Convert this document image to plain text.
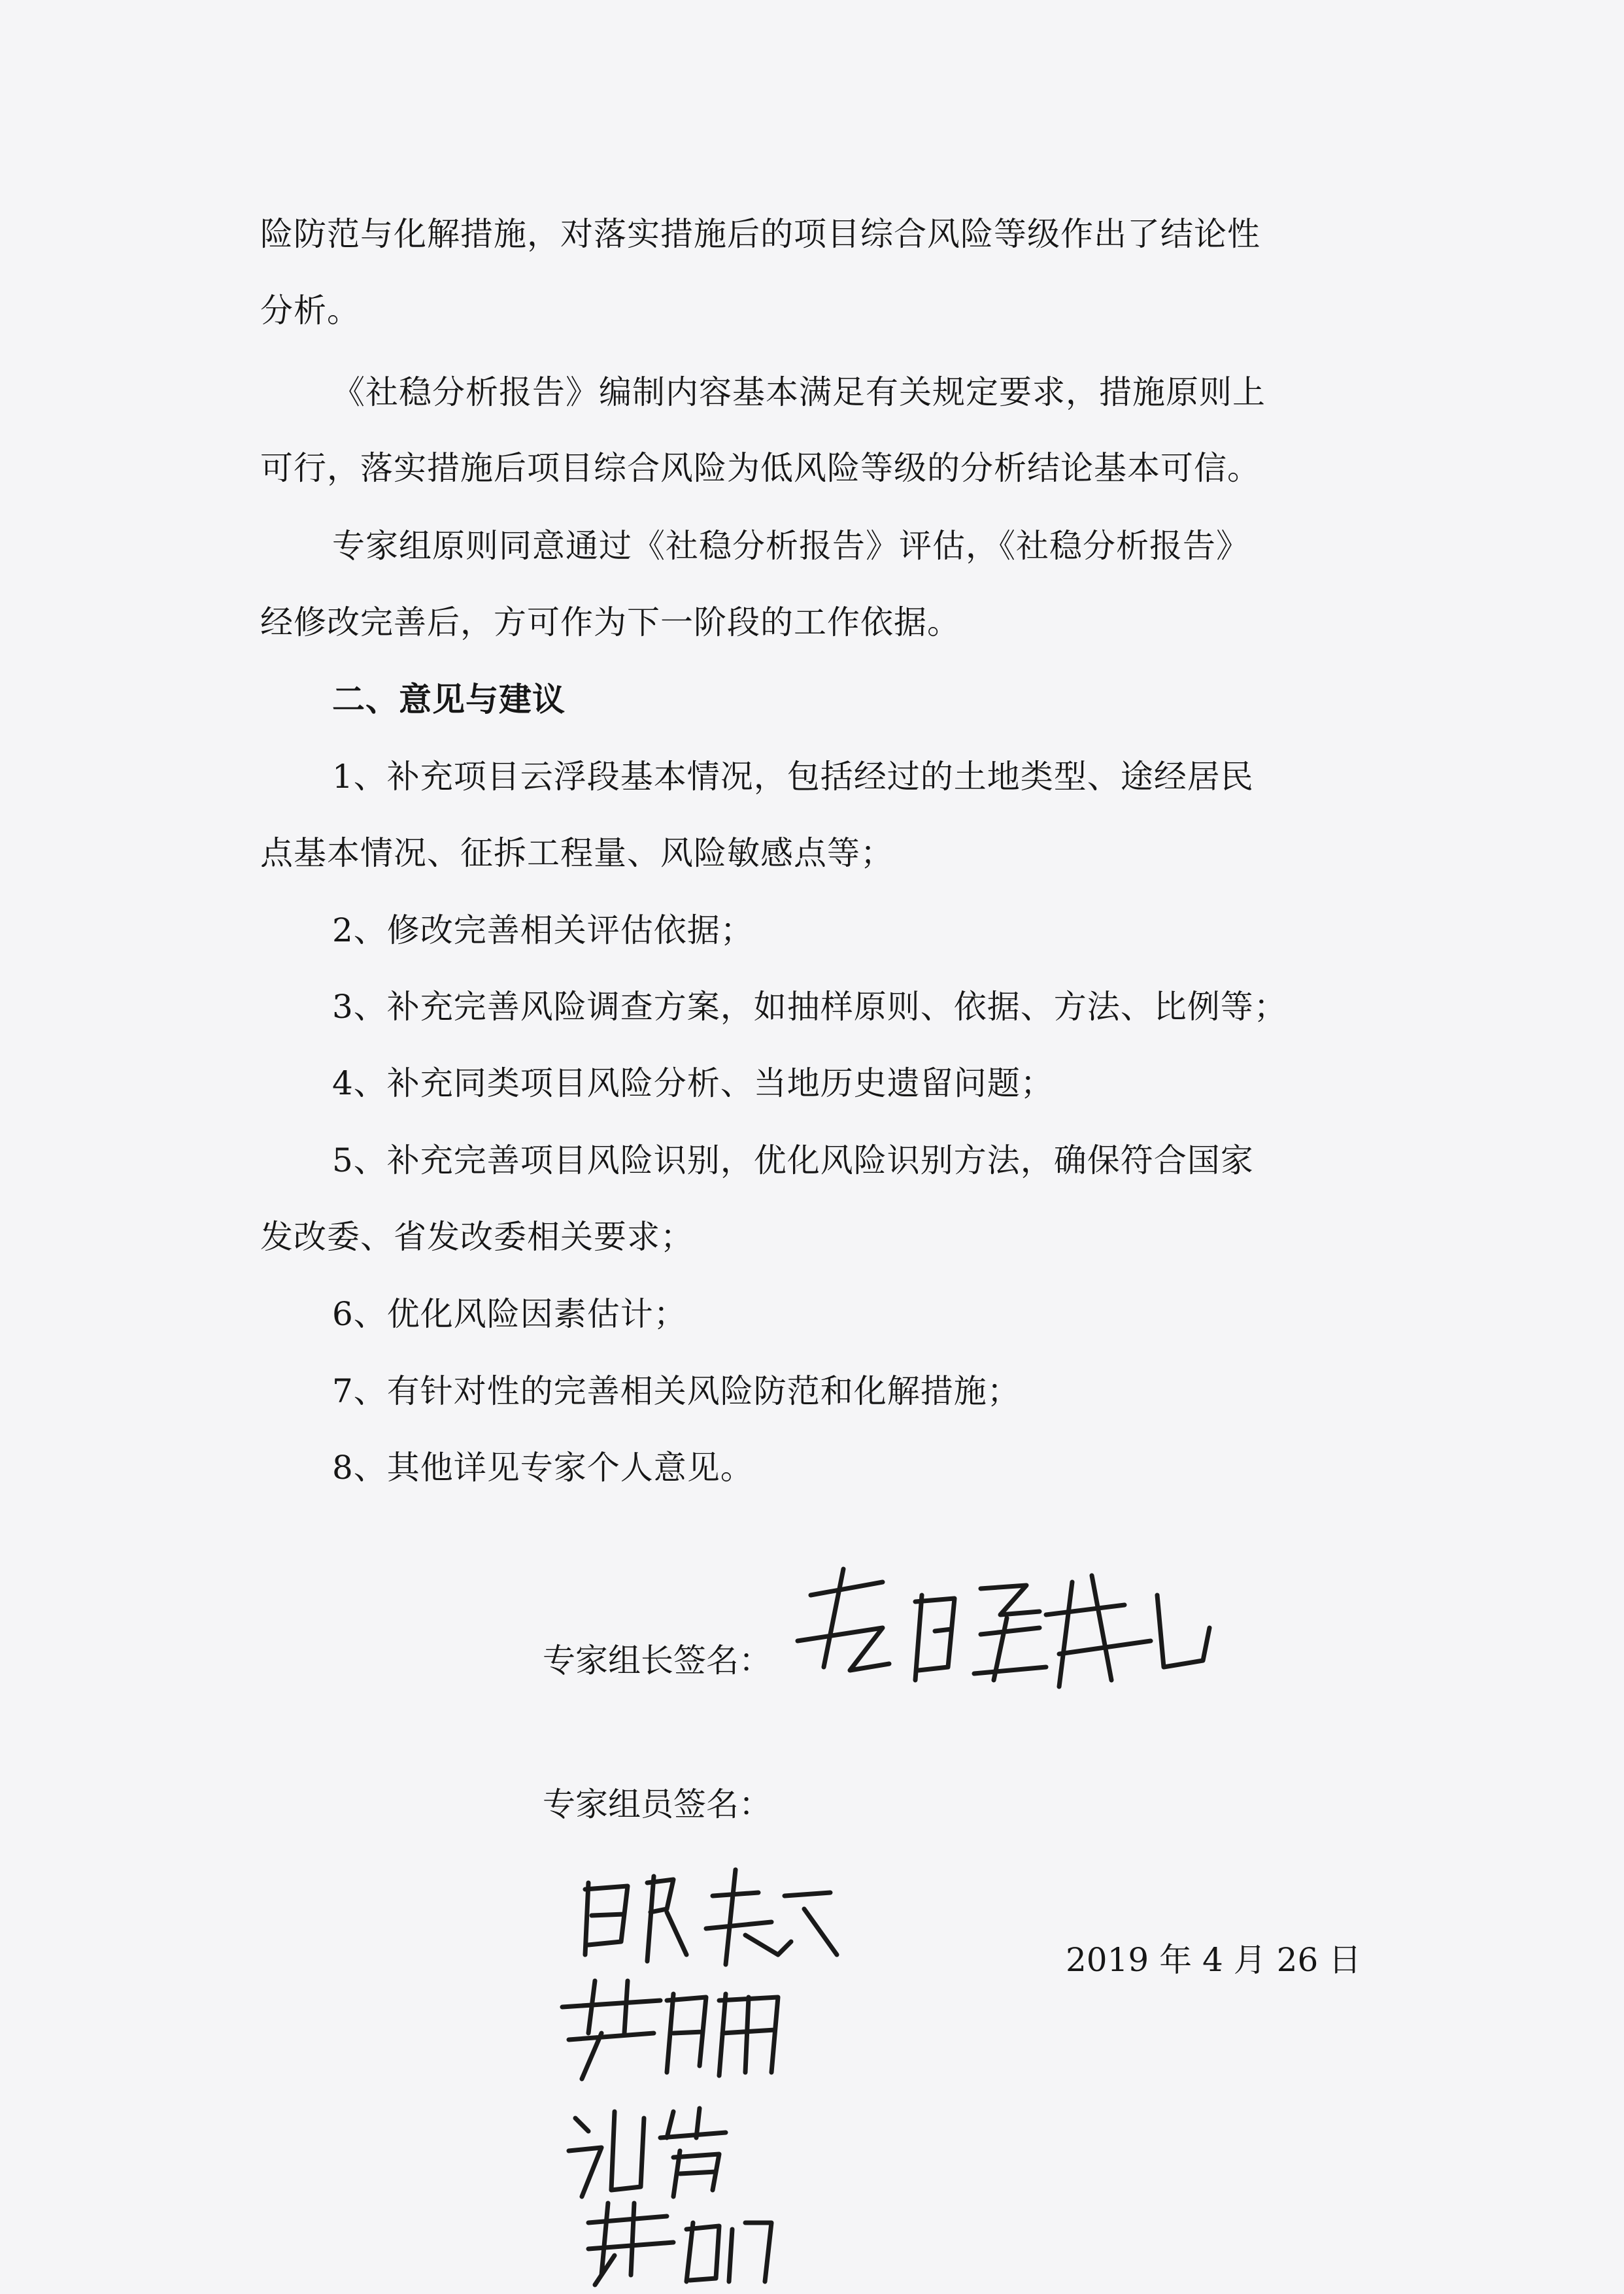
险防范与化解措施，对落实措施后的项目综合风险等级作出了结论性
分析。
《社稳分析报告》编制内容基本满足有关规定要求，措施原则上
可行，落实措施后项目综合风险为低风险等级的分析结论基本可信。
专家组原则同意通过《社稳分析报告》评估，《社稳分析报告》
经修改完善后，方可作为下一阶段的工作依据。
二、意见与建议
1、补充项目云浮段基本情况，包括经过的土地类型、途经居民
点基本情况、征拆工程量、风险敏感点等；
2、修改完善相关评估依据；
3、补充完善风险调查方案，如抽样原则、依据、方法、比例等；
4、补充同类项目风险分析、当地历史遗留问题；
5、补充完善项目风险识别，优化风险识别方法，确保符合国家
发改委、省发改委相关要求；
6、优化风险因素估计；
7、有针对性的完善相关风险防范和化解措施；
8、其他详见专家个人意见。
专家组长签名：
专家组员签名：
2019 年 4 月 26 日
